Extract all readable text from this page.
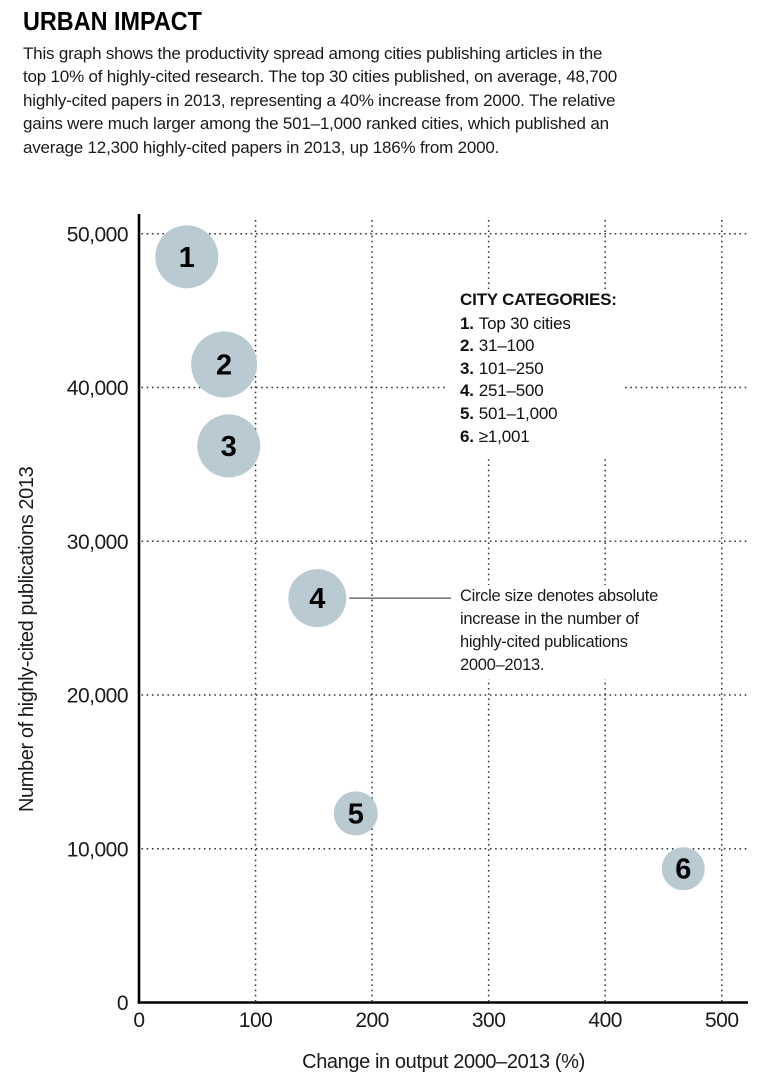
URBAN IMPACT
This graph shows the productivity spread among cities publishing articles in the
top 10% of highly-cited research. The top 30 cities published, on average, 48,700
highly-cited papers in 2013, representing a 40% increase from 2000. The relative
gains were much larger among the 501–1,000 ranked cities, which published an
average 12,300 highly-cited papers in 2013, up 186% from 2000.
0
10,000
20,000
30,000
40,000
50,000
0	100	200	300	400	500
1
2
3
4
5
6
CITY CATEGORIES:
1. Top 30 cities
2. 31–100
3. 101–250
4. 251–500
5. 501–1,000
6. ≥1,001
Circle size denotes absolute
increase in the number of
highly-cited publications
2000–2013.
Number of highly-cited publications 2013
Change in output 2000–2013 (%)
